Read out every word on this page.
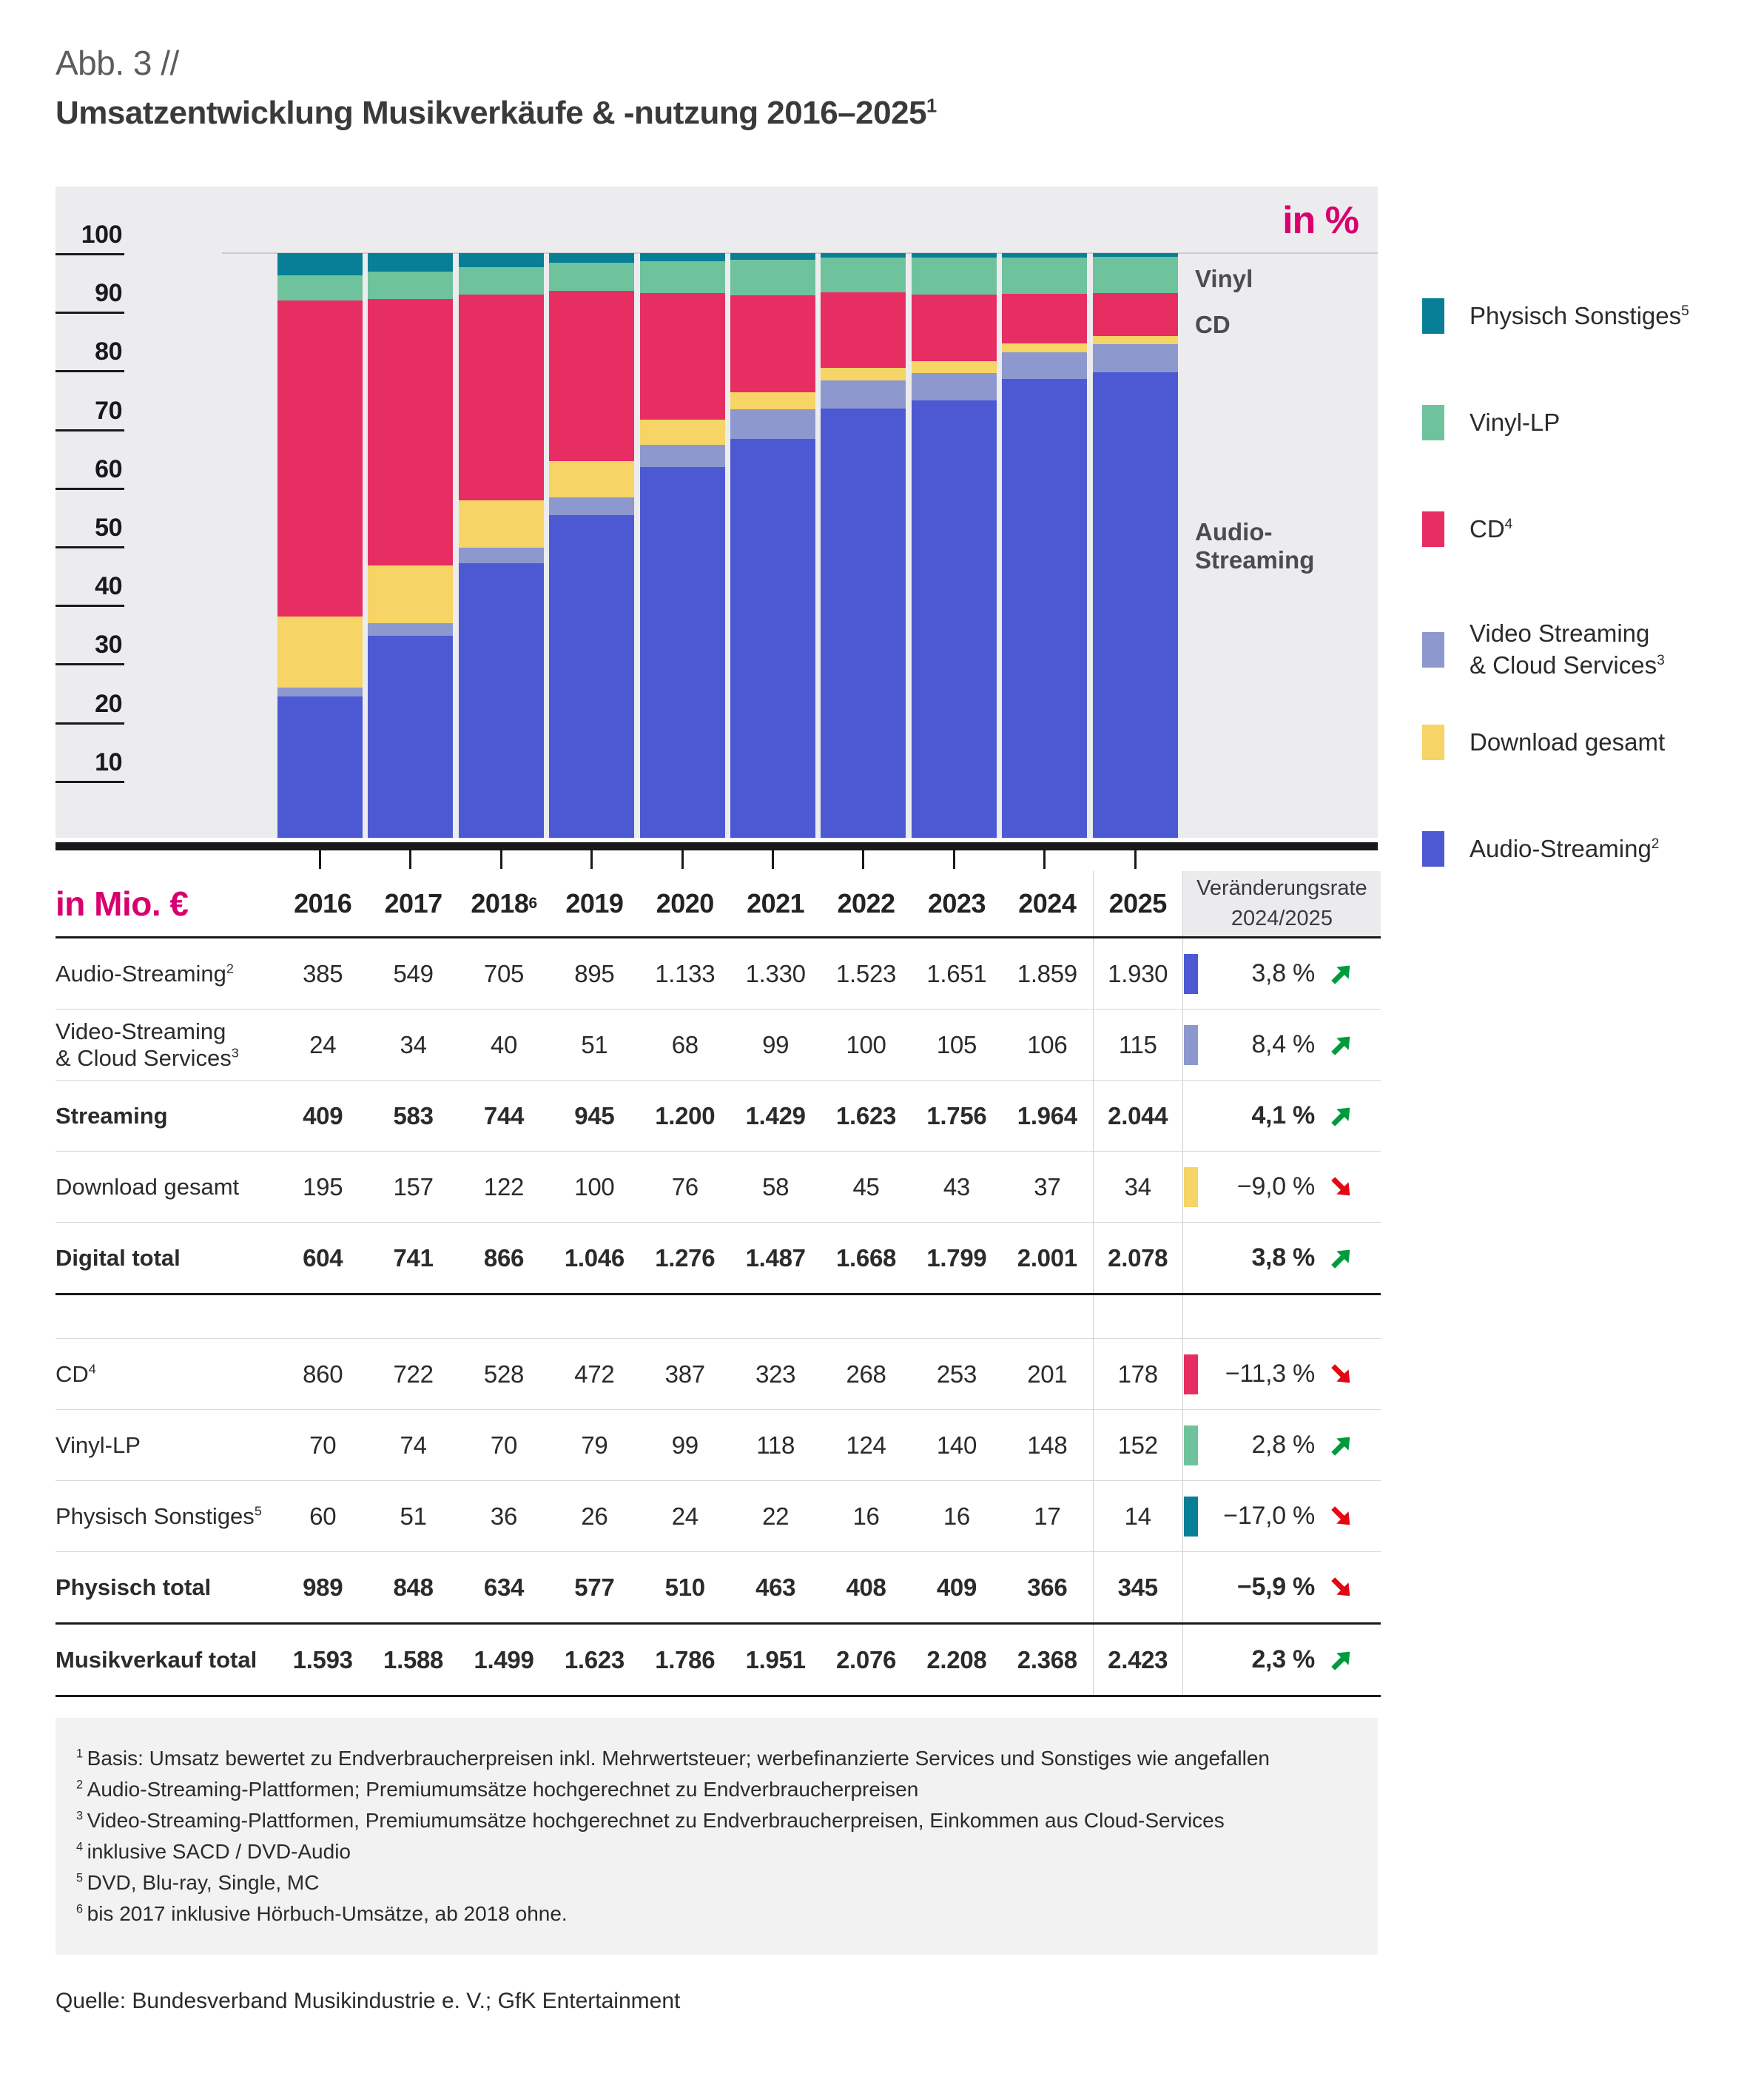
Abb. 3 //
Umsatzentwicklung Musikverkäufe & -nutzung 2016–2025$^1$
in %
100
90
80
70
60
50
40
30
20
10
Vinyl
CD
Audio-Streaming
in Mio. €	2016 2017 2018 6 2019 2020 2021 2022 2023 2024 2025 Veränderungsrate
2024/2025
Audio-Streaming$^2$	385 549 705 895 1.133 1.330 1.523 1.651 1.859 1.930	3,8 %
Video-Streaming
& Cloud Services$^3$	24	34	40	51	68	99 100 105 106 115	8,4 %
Streaming	409 583 744 945 1.200 1.429 1.623 1.756 1.964 2.044	4,1 %
Download gesamt	195 157 122 100 76	58	45	43	37	34	−9,0 %
Digital total	604 741 866 1.046 1.276 1.487 1.668 1.799 2.001 2.078	3,8 %
$CD^4$	860 722 528 472 387 323 268 253 201 178	−11,3 %
Vinyl-LP	70	74	70	79	99 118 124 140 148 152	2,8 %
Physisch Sonstiges$^5$	60	51	36	26	24	22	16	16	17	14	−17,0 %
Physisch total	989 848 634 577 510 463 408 409 366 345	−5,9 %
Musikverkauf total	1.593 1.588 1.499 1.623 1.786 1.951 2.076 2.208 2.368 2.423	2,3 %
$^1$  Basis: Umsatz bewertet zu Endverbraucherpreisen inkl. Mehrwertsteuer; werbefinanzierte Services und Sonstiges wie angefallen
$^2$  Audio-Streaming-Plattformen; Premiumumsätze hochgerechnet zu Endverbraucherpreisen
$^3$  Video-Streaming-Plattformen, Premiumumsätze hochgerechnet zu Endverbraucherpreisen, Einkommen aus Cloud-Services
$^4$  inklusive SACD / DVD-Audio
$^5$  DVD, Blu-ray, Single, MC
$^6$  bis 2017 inklusive Hörbuch-Umsätze, ab 2018 ohne.
Quelle: Bundesverband Musikindustrie e. V.; GfK Entertainment
Physisch Sonstiges$^5$
Vinyl-LP
$CD^4$
Video Streaming
& Cloud Services$^3$
Download gesamt
Audio-Streaming$^2$
